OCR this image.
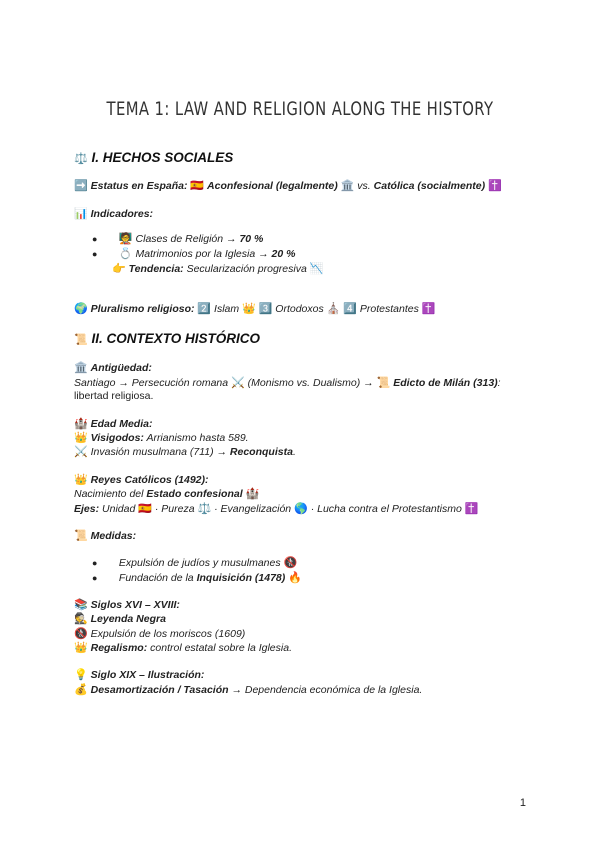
TEMA 1: LAW AND RELIGION ALONG THE HISTORY
⚖️ I. HECHOS SOCIALES
➡️ Estatus en España: 🇪🇸 Aconfesional (legalmente) 🏛️ vs. Católica (socialmente) ✝️
📊 Indicadores:
● 🧑‍🏫 Clases de Religión → 70 %
● 💍 Matrimonios por la Iglesia → 20 %
👉 Tendencia: Secularización progresiva 📉
🌍 Pluralismo religioso: 2️⃣ Islam 👑 3️⃣ Ortodoxos ⛪ 4️⃣ Protestantes ✝️
📜 II. CONTEXTO HISTÓRICO
🏛️ Antigüedad:
Santiago → Persecución romana ⚔️ (Monismo vs. Dualismo) → 📜 Edicto de Milán (313):
libertad religiosa.
🏰 Edad Media:
👑 Visigodos: Arrianismo hasta 589.
⚔️ Invasión musulmana (711) → Reconquista.
👑 Reyes Católicos (1492):
Nacimiento del Estado confesional 🏰
Ejes: Unidad 🇪🇸 · Pureza ⚖️ · Evangelización 🌎 · Lucha contra el Protestantismo ✝️
📜 Medidas:
● Expulsión de judíos y musulmanes 🚷
● Fundación de la Inquisición (1478) 🔥
📚 Siglos XVI – XVIII:
🕵️ Leyenda Negra
🚷 Expulsión de los moriscos (1609)
👑 Regalismo: control estatal sobre la Iglesia.
💡 Siglo XIX – Ilustración:
💰 Desamortización / Tasación → Dependencia económica de la Iglesia.
1
